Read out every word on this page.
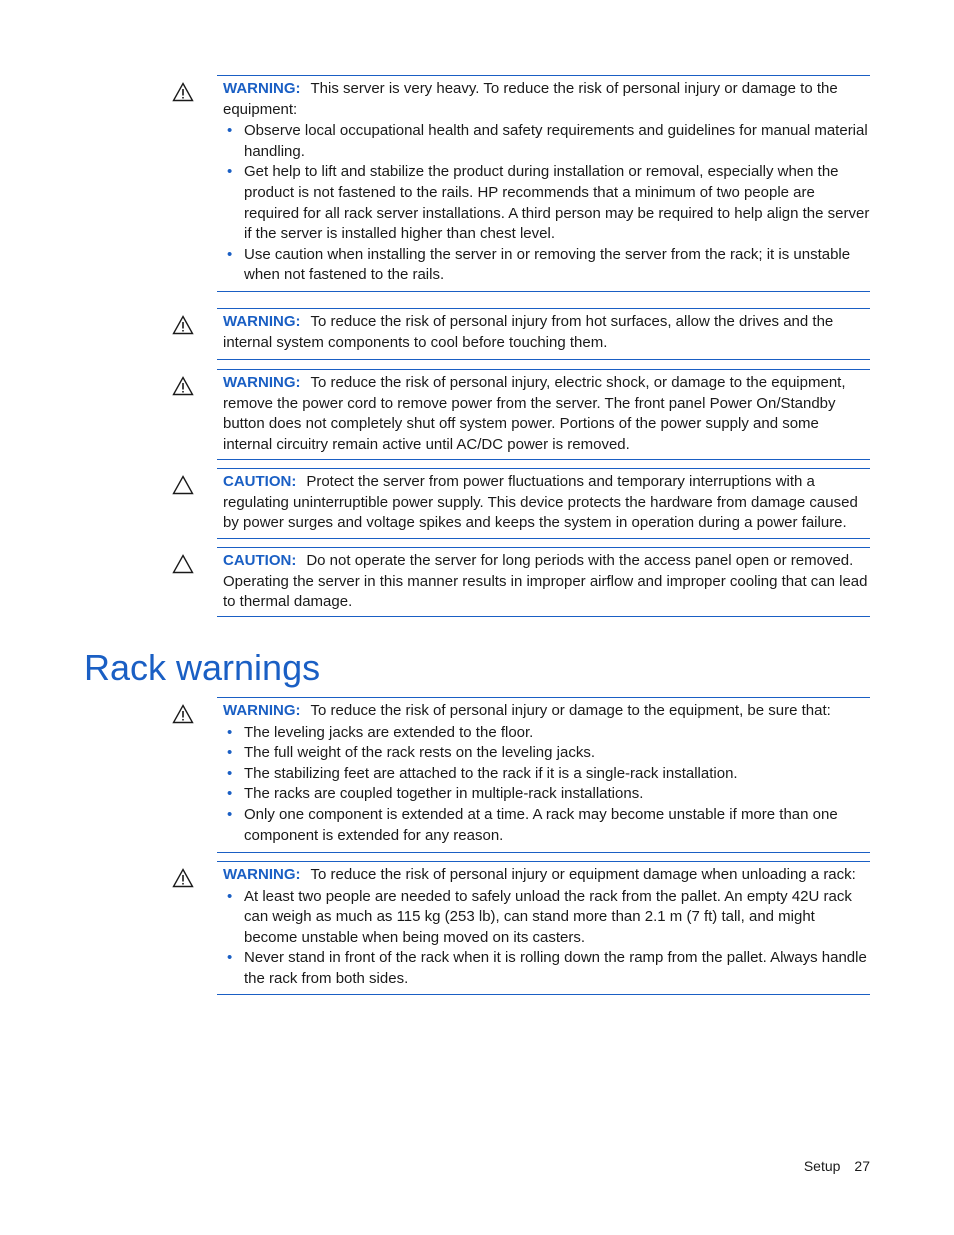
WARNING: This server is very heavy. To reduce the risk of personal injury or damage to the equipment:

• Observe local occupational health and safety requirements and guidelines for manual material handling.
• Get help to lift and stabilize the product during installation or removal, especially when the product is not fastened to the rails. HP recommends that a minimum of two people are required for all rack server installations. A third person may be required to help align the server if the server is installed higher than chest level.
• Use caution when installing the server in or removing the server from the rack; it is unstable when not fastened to the rails.

WARNING: To reduce the risk of personal injury from hot surfaces, allow the drives and the internal system components to cool before touching them.

WARNING: To reduce the risk of personal injury, electric shock, or damage to the equipment, remove the power cord to remove power from the server. The front panel Power On/Standby button does not completely shut off system power. Portions of the power supply and some internal circuitry remain active until AC/DC power is removed.

CAUTION: Protect the server from power fluctuations and temporary interruptions with a regulating uninterruptible power supply. This device protects the hardware from damage caused by power surges and voltage spikes and keeps the system in operation during a power failure.

CAUTION: Do not operate the server for long periods with the access panel open or removed. Operating the server in this manner results in improper airflow and improper cooling that can lead to thermal damage.

Rack warnings

WARNING: To reduce the risk of personal injury or damage to the equipment, be sure that:

• The leveling jacks are extended to the floor.
• The full weight of the rack rests on the leveling jacks.
• The stabilizing feet are attached to the rack if it is a single-rack installation.
• The racks are coupled together in multiple-rack installations.
• Only one component is extended at a time. A rack may become unstable if more than one component is extended for any reason.

WARNING: To reduce the risk of personal injury or equipment damage when unloading a rack:

• At least two people are needed to safely unload the rack from the pallet. An empty 42U rack can weigh as much as 115 kg (253 lb), can stand more than 2.1 m (7 ft) tall, and might become unstable when being moved on its casters.
• Never stand in front of the rack when it is rolling down the ramp from the pallet. Always handle the rack from both sides.
Setup 27
